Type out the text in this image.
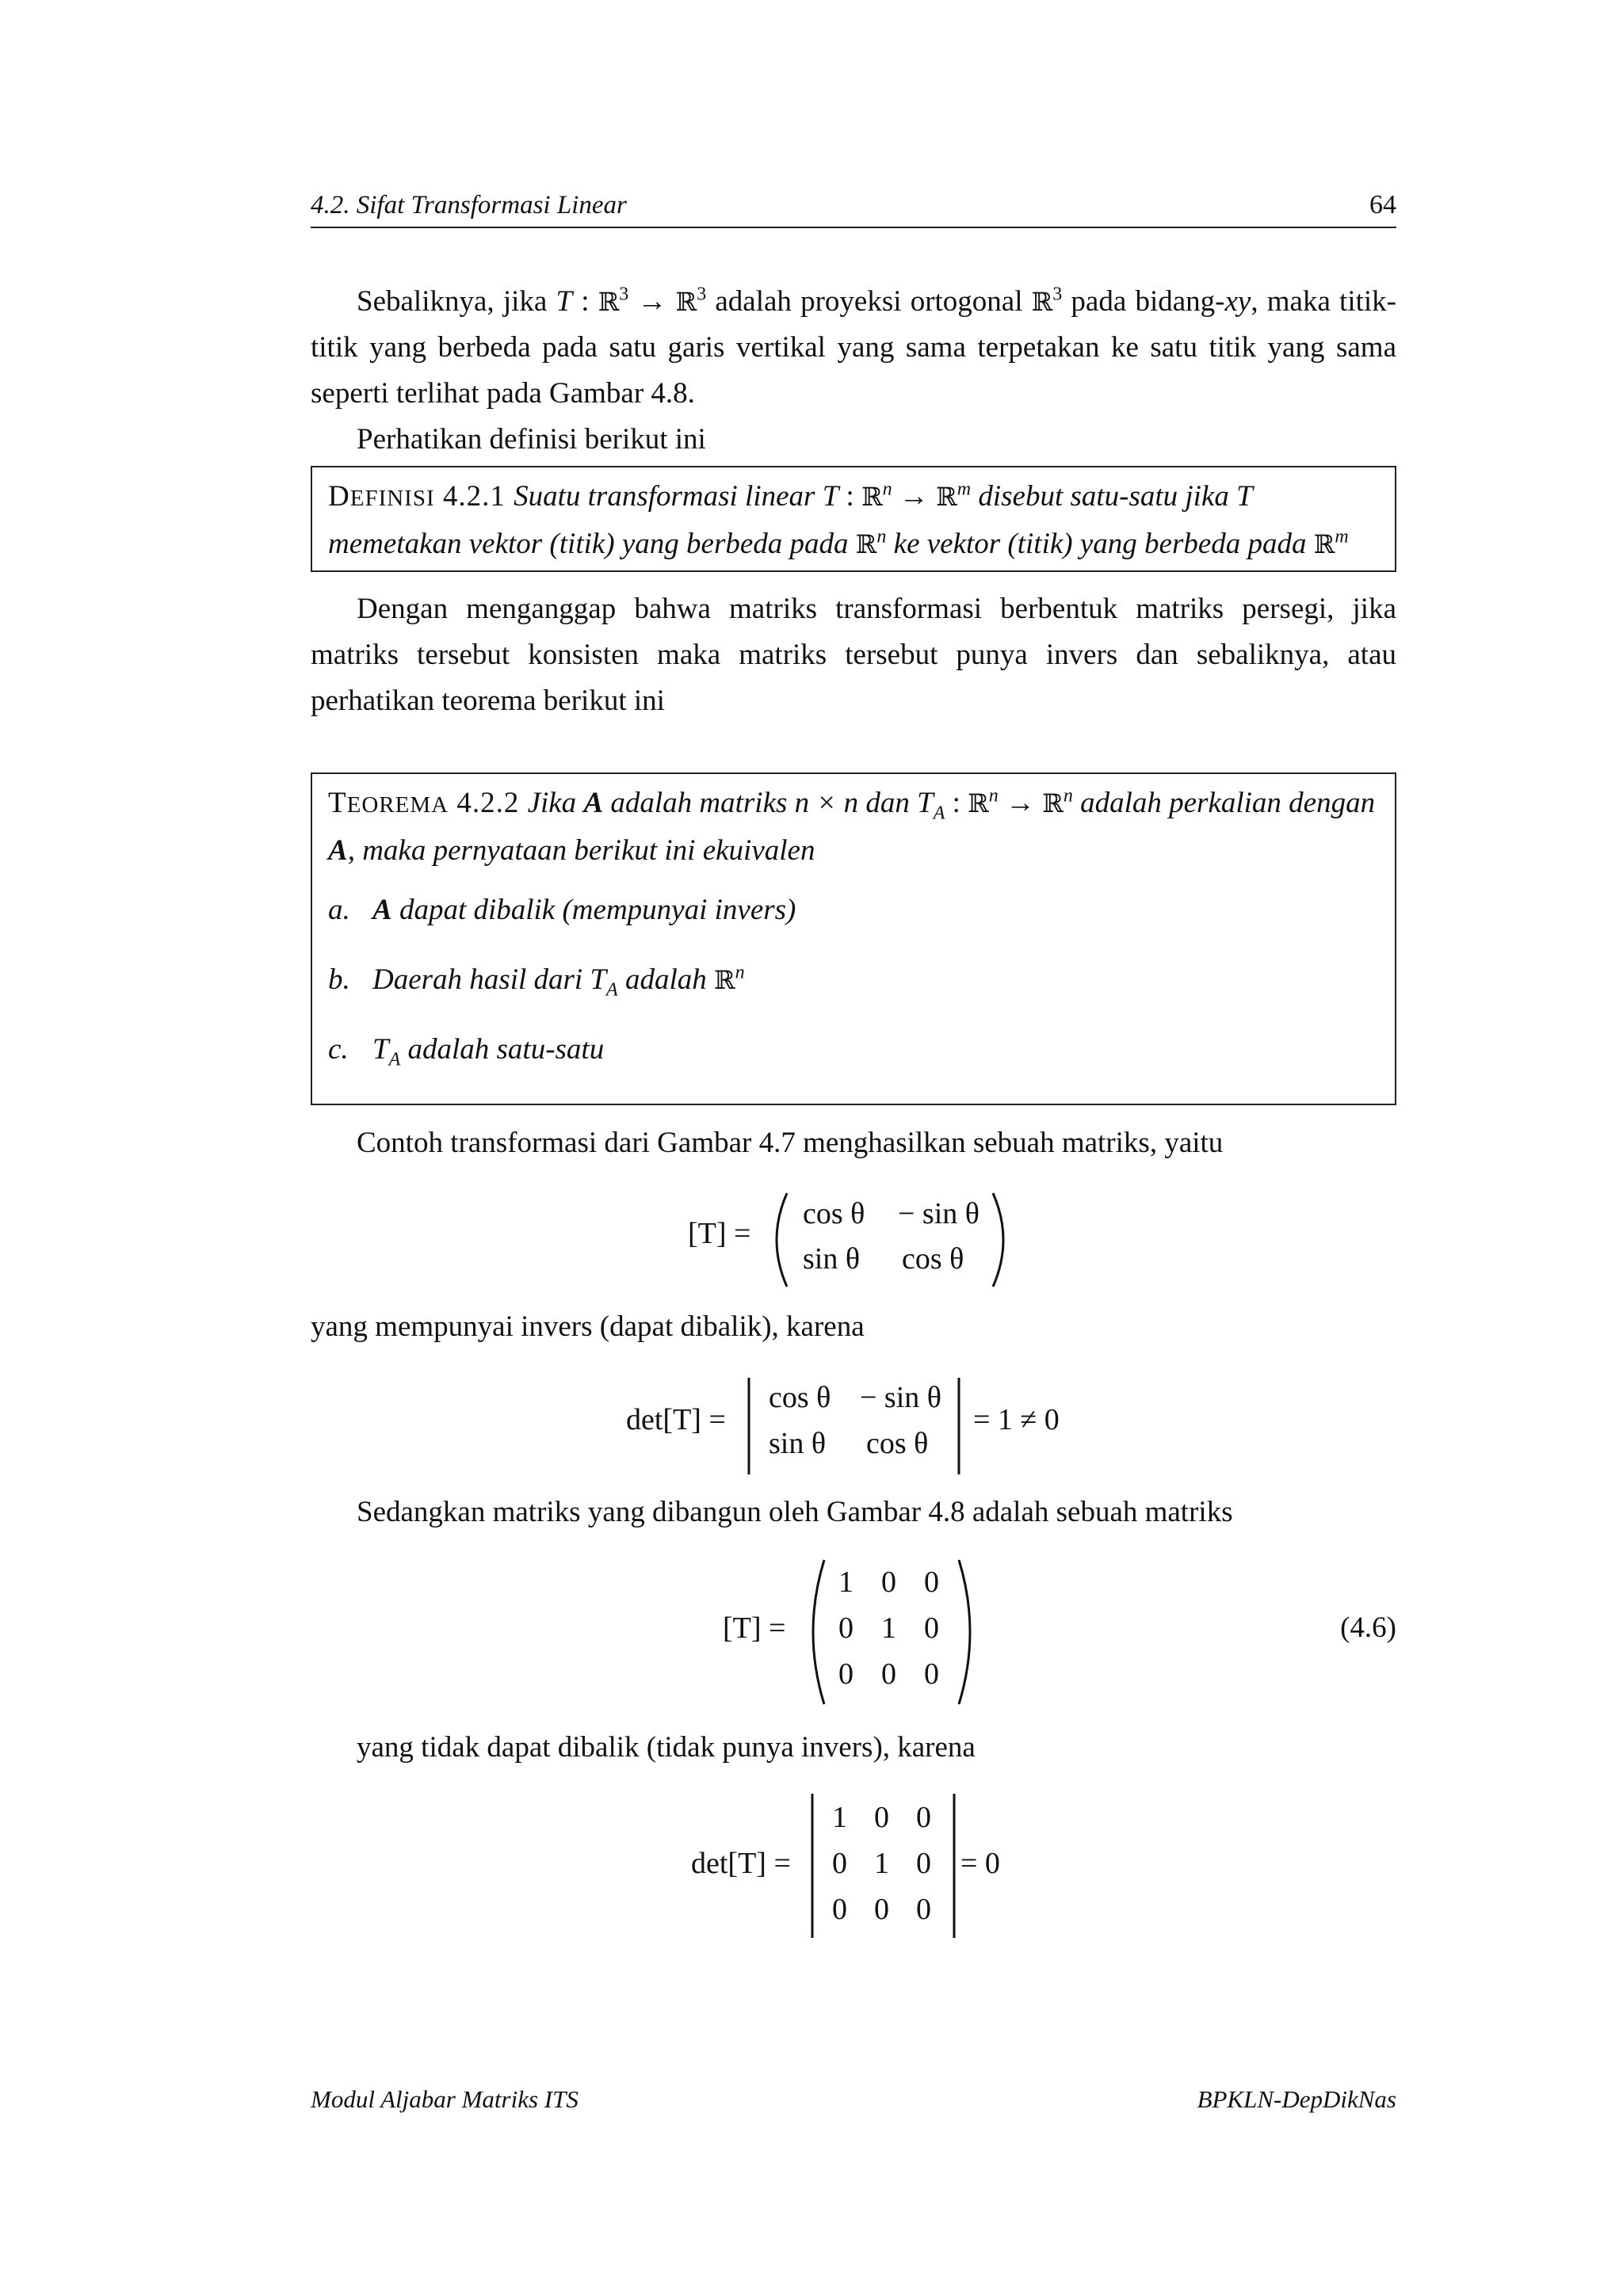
4.2. Sifat Transformasi Linear	64
Sebaliknya, jika T : ℝ$^3$ → ℝ$^3$ adalah proyeksi ortogonal ℝ$^3$ pada bidang-xy, maka titik-titik yang berbeda pada satu garis vertikal yang sama terpetakan ke satu titik yang sama seperti terlihat pada Gambar 4.8.
Perhatikan definisi berikut ini
DEFINISI 4.2.1 Suatu transformasi linear T : ℝ$^n$ → ℝ$^m$ disebut satu-satu jika T memetakan vektor (titik) yang berbeda pada ℝ$^n$ ke vektor (titik) yang berbeda pada ℝ$^m$
Dengan menganggap bahwa matriks transformasi berbentuk matriks persegi, jika matriks tersebut konsisten maka matriks tersebut punya invers dan sebaliknya, atau perhatikan teorema berikut ini
TEOREMA 4.2.2 Jika A adalah matriks n × n dan $T_A$ : ℝ$^n$ → ℝ$^n$ adalah perkalian dengan A, maka pernyataan berikut ini ekuivalen
a. A dapat dibalik (mempunyai invers)
b. Daerah hasil dari $T_A$ adalah ℝ$^n$
c. $T_A$ adalah satu-satu
Contoh transformasi dari Gambar 4.7 menghasilkan sebuah matriks, yaitu
[T] =
cos θ − sin θ
sin θ cos θ
yang mempunyai invers (dapat dibalik), karena
det[T] =
cos θ − sin θ
sin θ cos θ
= 1 ≠ 0
Sedangkan matriks yang dibangun oleh Gambar 4.8 adalah sebuah matriks
[T] =
1 0 0
0 1 0
0 0 0
(4.6)
yang tidak dapat dibalik (tidak punya invers), karena
det[T] =
1 0 0
0 1 0
0 0 0
= 0
Modul Aljabar Matriks ITS	BPKLN-DepDikNas
